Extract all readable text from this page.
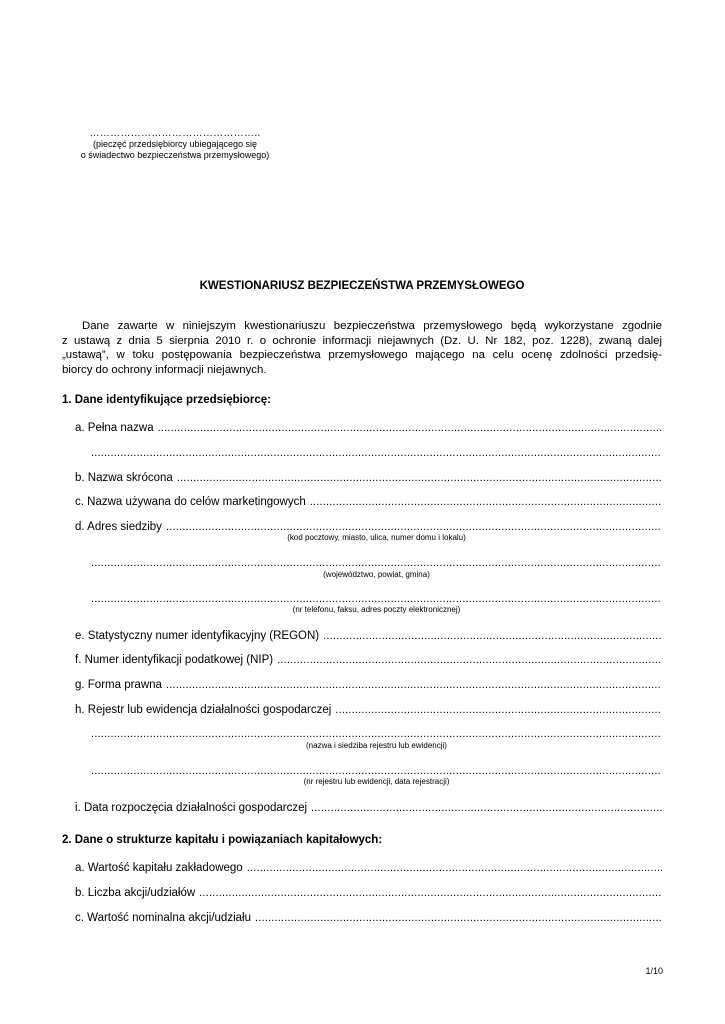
…………………………………………..
(pieczęć przedsiębiorcy ubiegającego się
o świadectwo bezpieczeństwa przemysłowego)
KWESTIONARIUSZ BEZPIECZEŃSTWA PRZEMYSŁOWEGO
Dane zawarte w niniejszym kwestionariuszu bezpieczeństwa przemysłowego będą wykorzystane zgodnie
z ustawą z dnia 5 sierpnia 2010 r. o ochronie informacji niejawnych (Dz. U. Nr 182, poz. 1228), zwaną dalej
„ustawą”, w toku postępowania bezpieczeństwa przemysłowego mającego na celu ocenę zdolności przedsię-
biorcy do ochrony informacji niejawnych.
1. Dane identyfikujące przedsiębiorcę:
a. Pełna nazwa
.....
.....
b. Nazwa skrócona
.....
c. Nazwa używana do celów marketingowych
.....
d. Adres siedziby
.....
(kod pocztowy, miasto, ulica, numer domu i lokalu)
.....
(województwo, powiat, gmina)
.....
(nr telefonu, faksu, adres poczty elektronicznej)
e. Statystyczny numer identyfikacyjny (REGON)
.....
f. Numer identyfikacji podatkowej (NIP)
.....
g. Forma prawna
.....
h. Rejestr lub ewidencja działalności gospodarczej
.....
.....
(nazwa i siedziba rejestru lub ewidencji)
.....
(nr rejestru lub ewidencji, data rejestracji)
i. Data rozpoczęcia działalności gospodarczej
.....
2. Dane o strukturze kapitału i powiązaniach kapitałowych:
a. Wartość kapitału zakładowego
.....
b. Liczba akcji/udziałów
.....
c. Wartość nominalna akcji/udziału
.....
1/10
